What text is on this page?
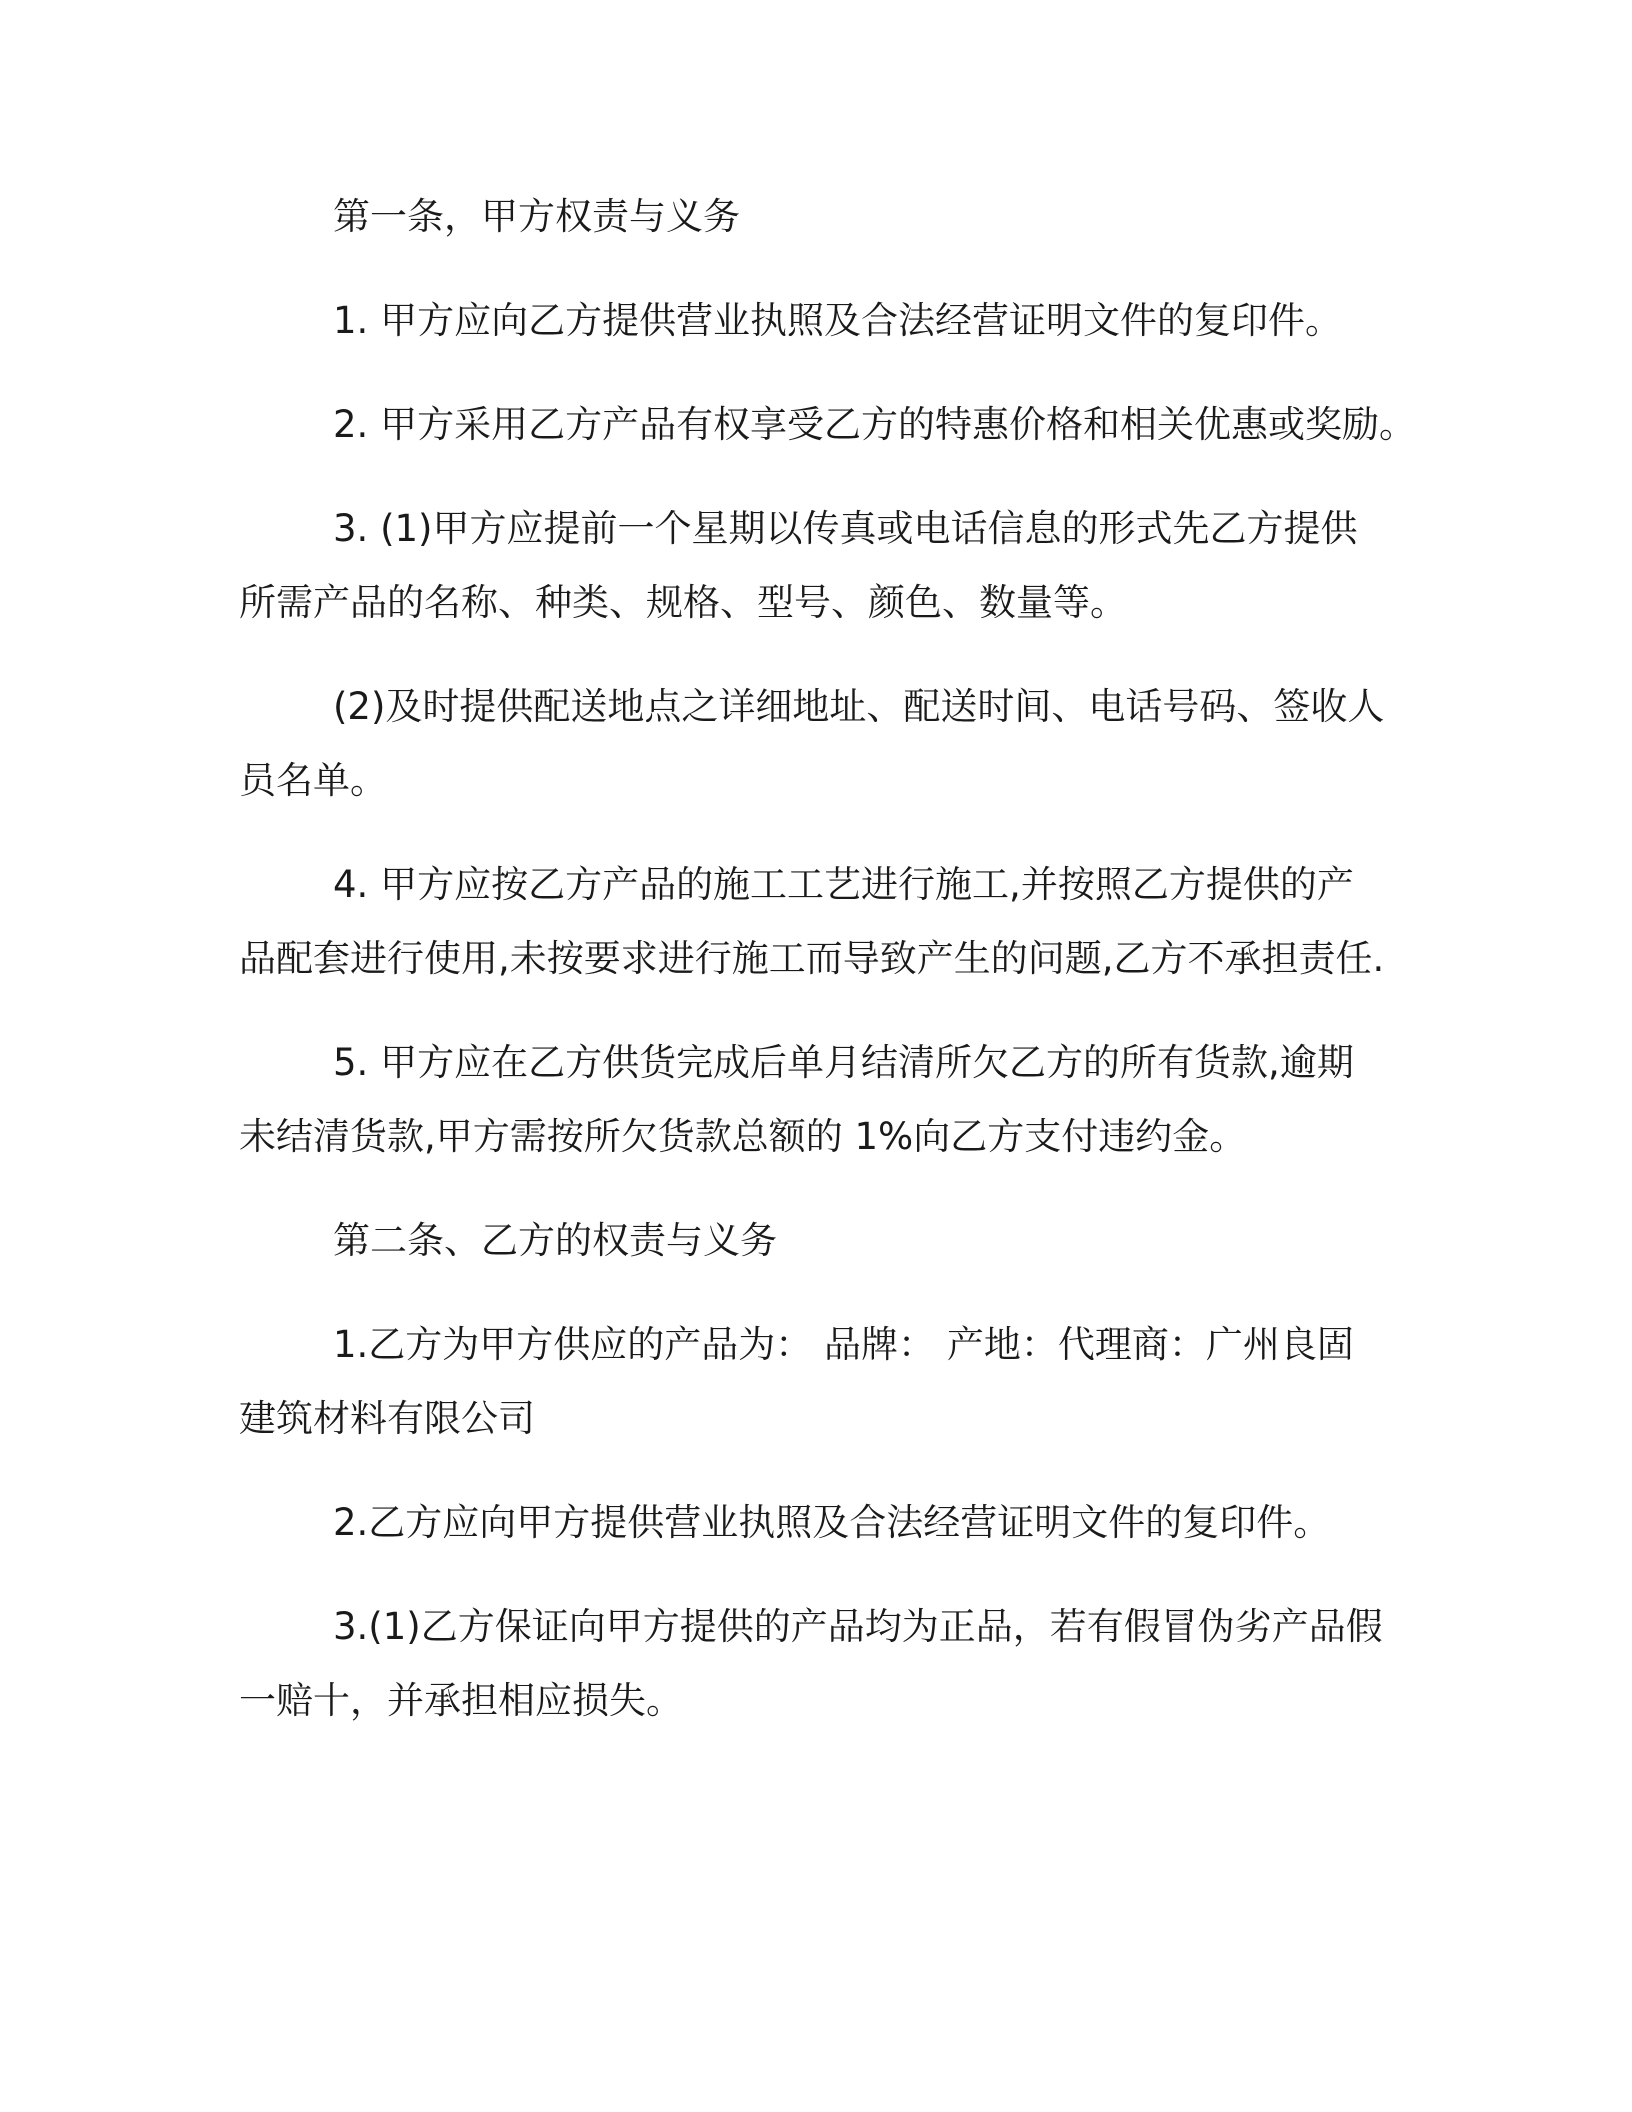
第一条，甲方权责与义务
1. 甲方应向乙方提供营业执照及合法经营证明文件的复印件。
2. 甲方采用乙方产品有权享受乙方的特惠价格和相关优惠或奖励。
3. (1)甲方应提前一个星期以传真或电话信息的形式先乙方提供
所需产品的名称、种类、规格、型号、颜色、数量等。
(2)及时提供配送地点之详细地址、配送时间、电话号码、签收人
员名单。
4. 甲方应按乙方产品的施工工艺进行施工,并按照乙方提供的产
品配套进行使用,未按要求进行施工而导致产生的问题,乙方不承担责任.
5. 甲方应在乙方供货完成后单月结清所欠乙方的所有货款,逾期
未结清货款,甲方需按所欠货款总额的 1%向乙方支付违约金。
第二条、乙方的权责与义务
1.乙方为甲方供应的产品为： 品牌： 产地：代理商：广州良固
建筑材料有限公司
2.乙方应向甲方提供营业执照及合法经营证明文件的复印件。
3.(1)乙方保证向甲方提供的产品均为正品，若有假冒伪劣产品假
一赔十，并承担相应损失。
